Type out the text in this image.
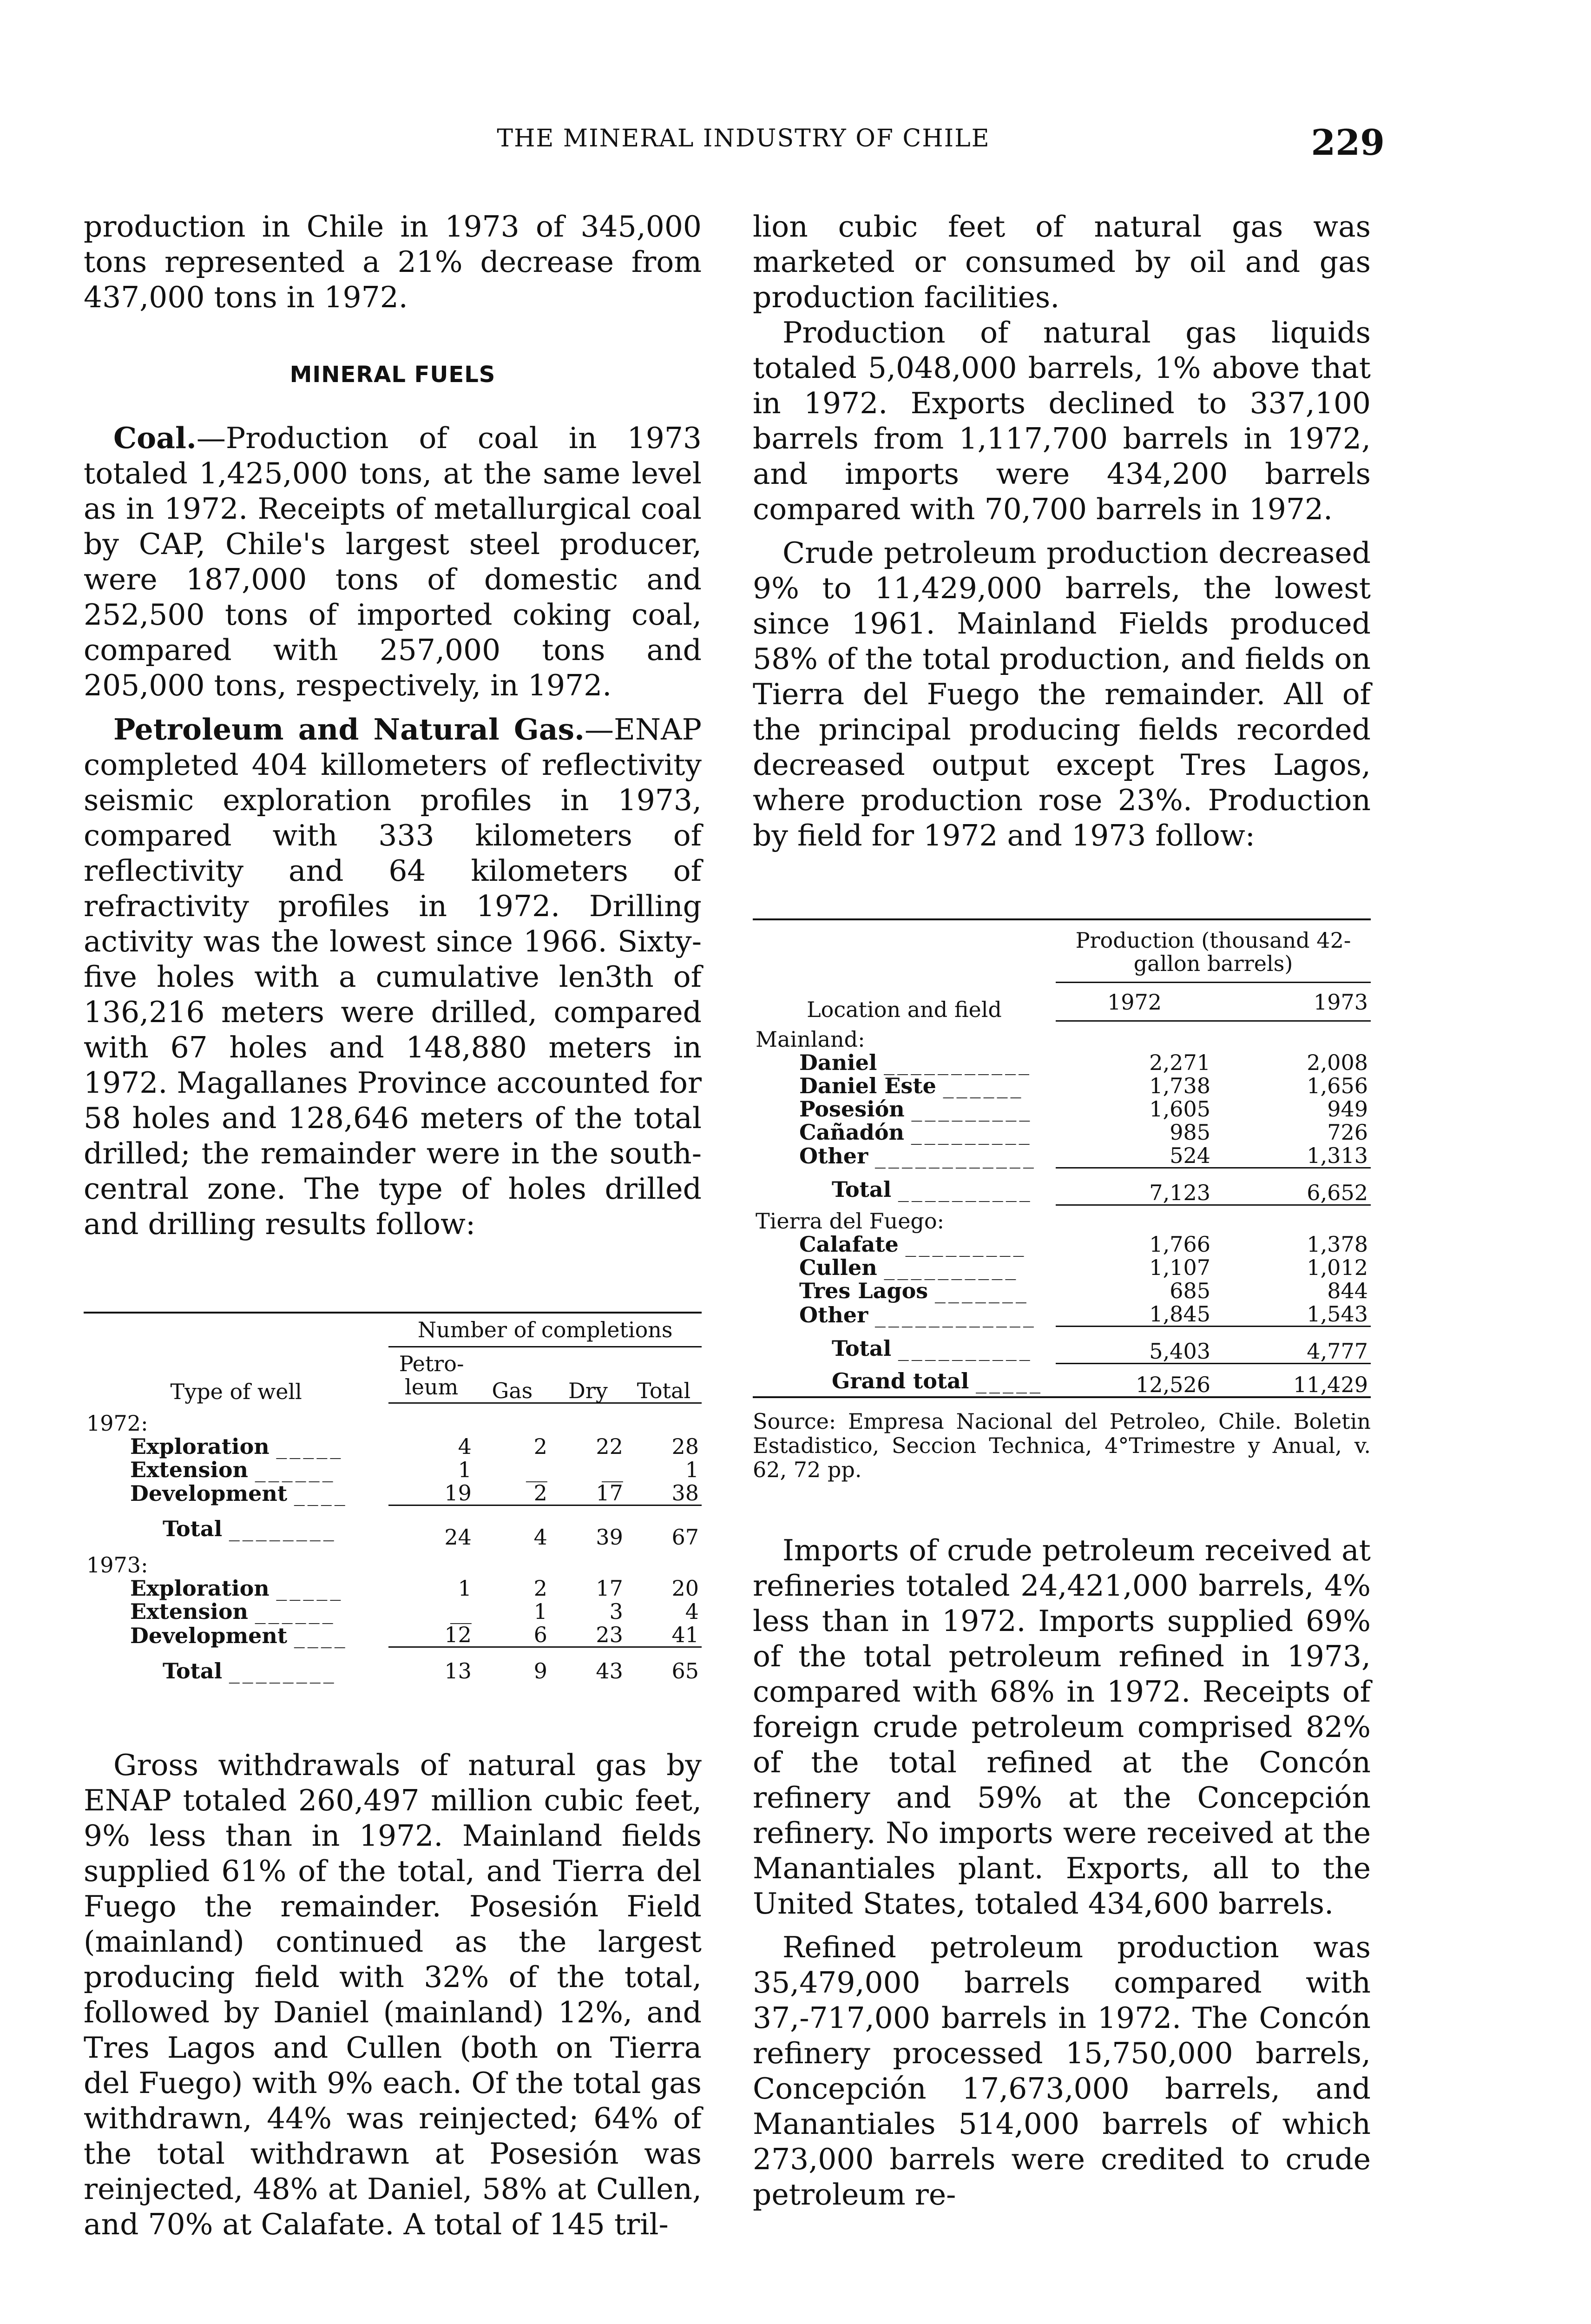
THE MINERAL INDUSTRY OF CHILE	229

production in Chile in 1973 of 345,000 tons represented a 21% decrease from 437,000 tons in 1972.

MINERAL FUELS

Coal.—Production of coal in 1973 totaled 1,425,000 tons, at the same level as in 1972. Receipts of metallurgical coal by CAP, Chile's largest steel producer, were 187,000 tons of domestic and 252,500 tons of imported coking coal, compared with 257,000 tons and 205,000 tons, respectively, in 1972.

Petroleum and Natural Gas.—ENAP completed 404 killometers of reflectivity seismic exploration profiles in 1973, compared with 333 kilometers of reflectivity and 64 kilometers of refractivity profiles in 1972. Drilling activity was the lowest since 1966. Sixty-five holes with a cumulative len3th of 136,216 meters were drilled, compared with 67 holes and 148,880 meters in 1972. Magallanes Province accounted for 58 holes and 128,646 meters of the total drilled; the remainder were in the south-central zone. The type of holes drilled and drilling results follow:

Type of well	Number of completions			
	Petro- leum	Gas	Dry	Total
1972:				
Exploration _____	4	2	22	28
Extension ______	1	__	__	1
Development ____	19	2	17	38
Total ________	24	4	39	67
1973:				
Exploration _____	1	2	17	20
Extension ______	__	1	3	4
Development ____	12	6	23	41
Total ________	13	9	43	65

Gross withdrawals of natural gas by ENAP totaled 260,497 million cubic feet, 9% less than in 1972. Mainland fields supplied 61% of the total, and Tierra del Fuego the remainder. Posesión Field (mainland) continued as the largest producing field with 32% of the total, followed by Daniel (mainland) 12%, and Tres Lagos and Cullen (both on Tierra del Fuego) with 9% each. Of the total gas withdrawn, 44% was reinjected; 64% of the total withdrawn at Posesión was reinjected, 48% at Daniel, 58% at Cullen, and 70% at Calafate. A total of 145 tril-

lion cubic feet of natural gas was marketed or consumed by oil and gas production facilities.

Production of natural gas liquids totaled 5,048,000 barrels, 1% above that in 1972. Exports declined to 337,100 barrels from 1,117,700 barrels in 1972, and imports were 434,200 barrels compared with 70,700 barrels in 1972.

Crude petroleum production decreased 9% to 11,429,000 barrels, the lowest since 1961. Mainland Fields produced 58% of the total production, and fields on Tierra del Fuego the remainder. All of the principal producing fields recorded decreased output except Tres Lagos, where production rose 23%. Production by field for 1972 and 1973 follow:

Location and field	Production (thousand 42-gallon barrels)	
	1972	1973
Mainland:		
Daniel ___________	2,271	2,008
Daniel Este ______	1,738	1,656
Posesión _________	1,605	949
Cañadón _________	985	726
Other ____________	524	1,313
Total __________	7,123	6,652
Tierra del Fuego:		
Calafate _________	1,766	1,378
Cullen __________	1,107	1,012
Tres Lagos _______	685	844
Other ____________	1,845	1,543
Total __________	5,403	4,777
Grand total _____	12,526	11,429

Source: Empresa Nacional del Petroleo, Chile. Boletin Estadistico, Seccion Technica, 4°Trimestre y Anual, v. 62, 72 pp.

Imports of crude petroleum received at refineries totaled 24,421,000 barrels, 4% less than in 1972. Imports supplied 69% of the total petroleum refined in 1973, compared with 68% in 1972. Receipts of foreign crude petroleum comprised 82% of the total refined at the Concón refinery and 59% at the Concepción refinery. No imports were received at the Manantiales plant. Exports, all to the United States, totaled 434,600 barrels.

Refined petroleum production was 35,479,000 barrels compared with 37,-717,000 barrels in 1972. The Concón refinery processed 15,750,000 barrels, Concepción 17,673,000 barrels, and Manantiales 514,000 barrels of which 273,000 barrels were credited to crude petroleum re-
